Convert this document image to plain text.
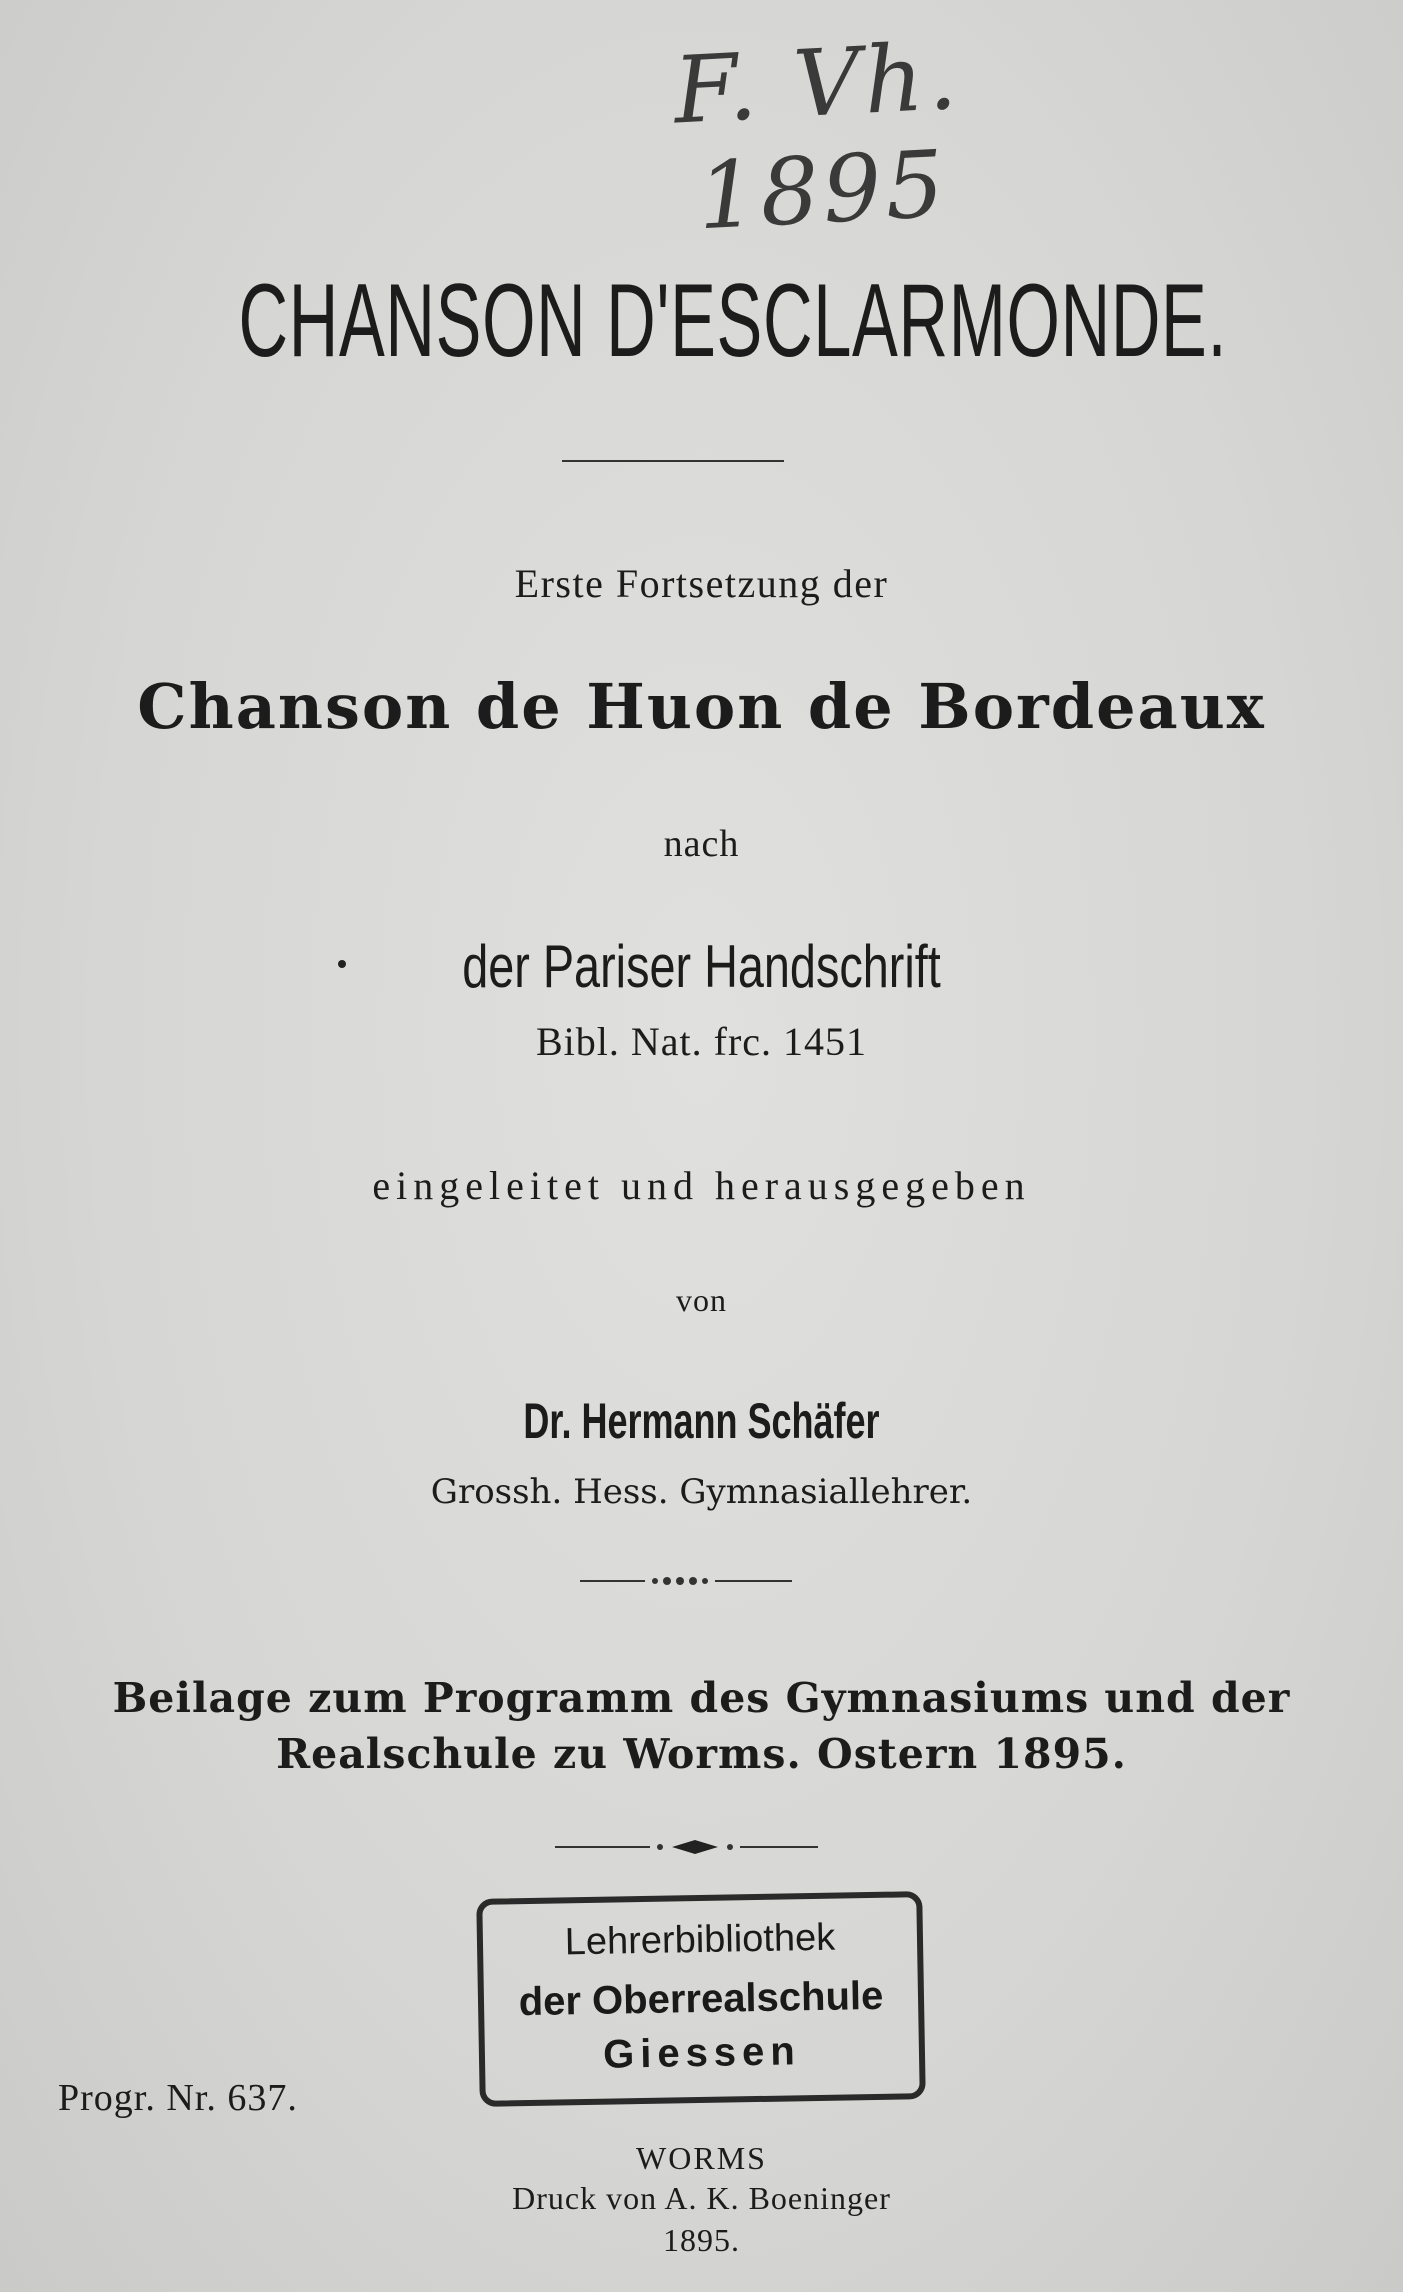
F. Vh. 1895
CHANSON D'ESCLARMONDE.
Erste Fortsetzung der
Chanson de Huon de Bordeaux
nach
der Pariser Handschrift
Bibl. Nat. frc. 1451
eingeleitet und herausgegeben
von
Dr. Hermann Schäfer
Grossh. Hess. Gymnasiallehrer.
Beilage zum Programm des Gymnasiums und der
Realschule zu Worms. Ostern 1895.
Lehrerbibliothek
der Oberrealschule
Giessen
Progr. Nr. 637.
WORMS
Druck von A. K. Boeninger
1895.
